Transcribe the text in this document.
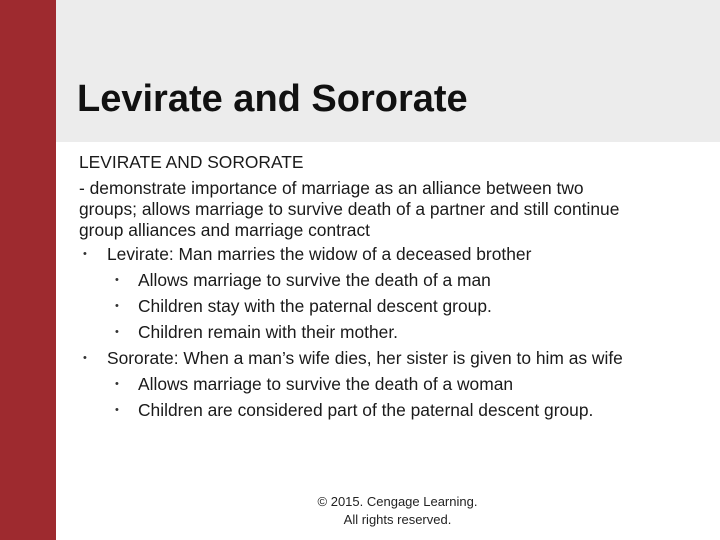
Levirate and Sororate
LEVIRATE AND SORORATE
- demonstrate importance of marriage as an alliance between two
groups; allows marriage to survive death of a partner and still continue
group alliances and marriage contract
• Levirate: Man marries the widow of a deceased brother
• Allows marriage to survive the death of a man
• Children stay with the paternal descent group.
• Children remain with their mother.
• Sororate: When a man’s wife dies, her sister is given to him as wife
• Allows marriage to survive the death of a woman
• Children are considered part of the paternal descent group.
© 2015. Cengage Learning.
All rights reserved.
